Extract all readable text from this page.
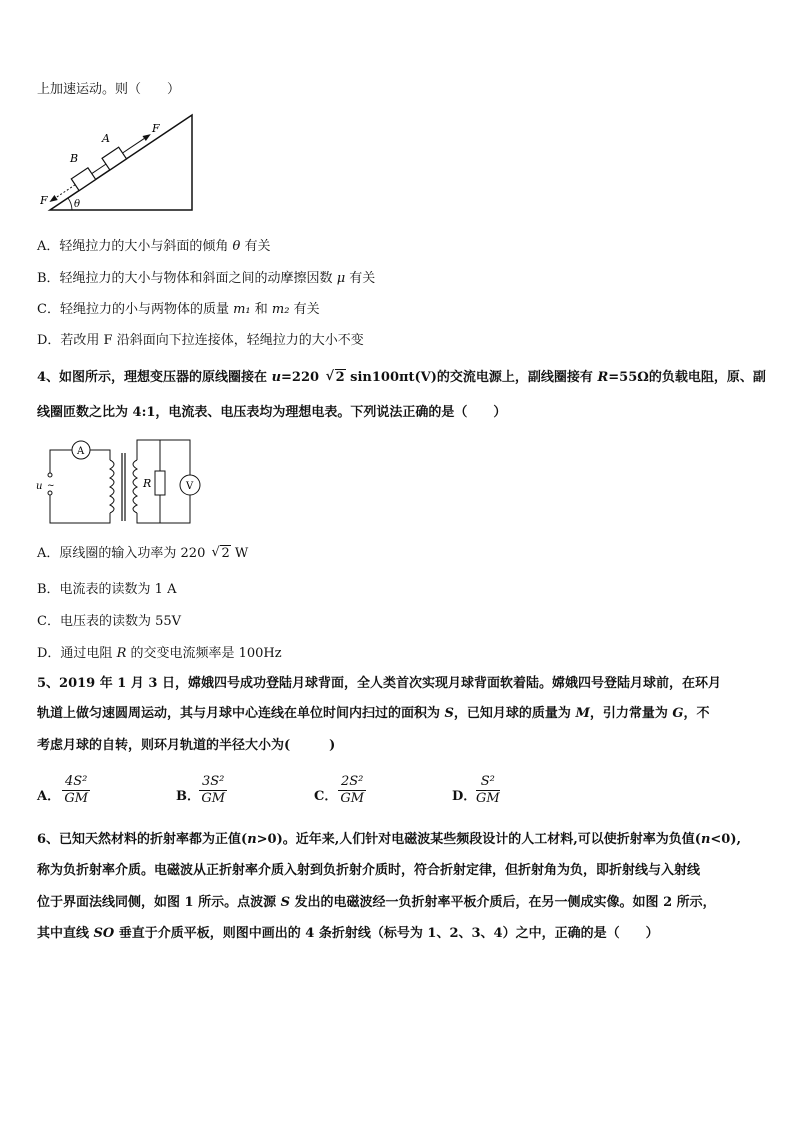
上加速运动。则（　　）
A
F
B
F	θ
A．轻绳拉力的大小与斜面的倾角 θ 有关
B．轻绳拉力的大小与物体和斜面之间的动摩擦因数 μ 有关
C．轻绳拉力的小与两物体的质量 m₁ 和 m₂ 有关
D．若改用 F 沿斜面向下拉连接体，轻绳拉力的大小不变
4、如图所示，理想变压器的原线圈接在 u=220 √ 2 sin100πt(V)的交流电源上，副线圈接有 R=55Ω的负载电阻，原、副
线圈匝数之比为 4:1，电流表、电压表均为理想电表。下列说法正确的是（　　）
u ~
A
R	V
A．原线圈的输入功率为 220 √ 2 W
B．电流表的读数为 1 A
C．电压表的读数为 55V
D．通过电阻 R 的交变电流频率是 100Hz
5、2019 年 1 月 3 日，嫦娥四号成功登陆月球背面，全人类首次实现月球背面软着陆。嫦娥四号登陆月球前，在环月
轨道上做匀速圆周运动，其与月球中心连线在单位时间内扫过的面积为 S，已知月球的质量为 M，引力常量为 G，不
考虑月球的自转，则环月轨道的半径大小为(　　　)
A． $\frac{\text{4S²}}{GM}$	B． $\frac{\text{3S²}}{GM}$	C． $\frac{\text{2S²}}{GM}$	D． $\frac{\text{S²}}{GM}$
6、已知天然材料的折射率都为正值(n>0)。近年来,人们针对电磁波某些频段设计的人工材料,可以使折射率为负值(n<0),
称为负折射率介质。电磁波从正折射率介质入射到负折射介质时，符合折射定律，但折射角为负，即折射线与入射线
位于界面法线同侧，如图 1 所示。点波源 S 发出的电磁波经一负折射率平板介质后，在另一侧成实像。如图 2 所示，
其中直线 SO 垂直于介质平板，则图中画出的 4 条折射线（标号为 1、2、3、4）之中，正确的是（　　）
